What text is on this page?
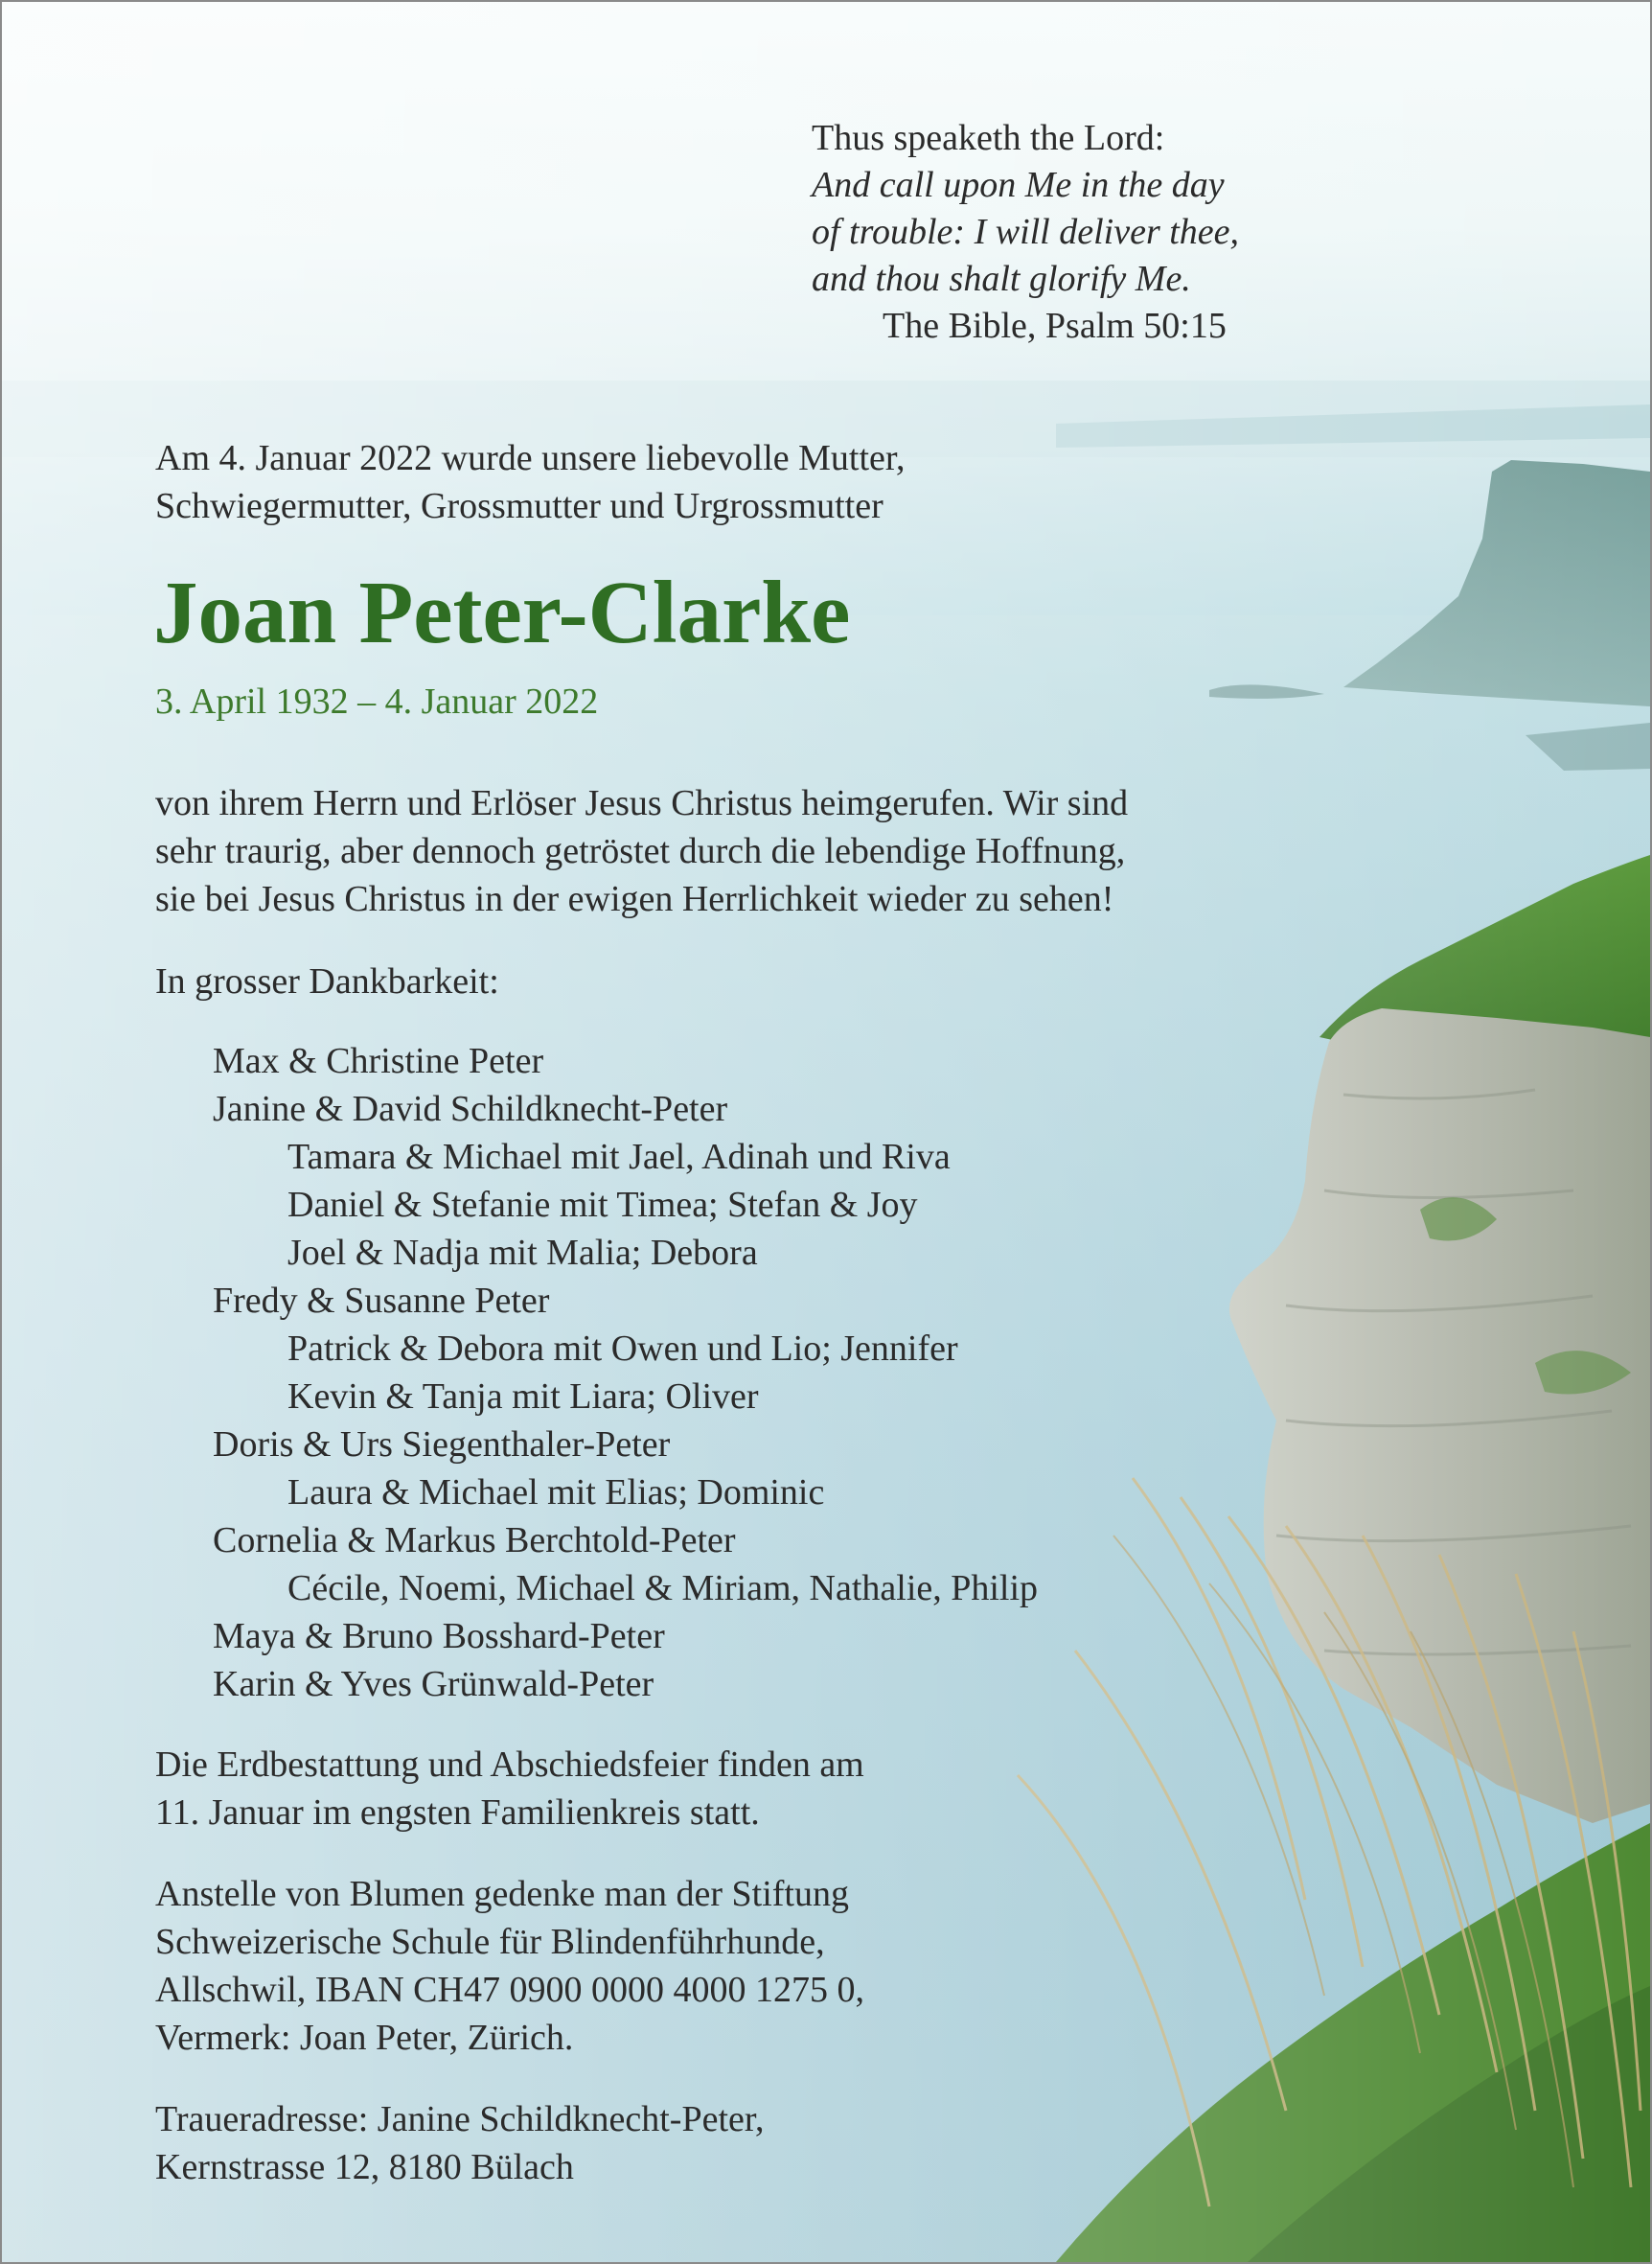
Thus speaketh the Lord:
And call upon Me in the day
of trouble: I will deliver thee,
and thou shalt glorify Me.
The Bible, Psalm 50:15
Am 4. Januar 2022 wurde unsere liebevolle Mutter,
Schwiegermutter, Grossmutter und Urgrossmutter
Joan Peter-Clarke
3. April 1932 – 4. Januar 2022
von ihrem Herrn und Erlöser Jesus Christus heimgerufen. Wir sind
sehr traurig, aber dennoch getröstet durch die lebendige Hoffnung,
sie bei Jesus Christus in der ewigen Herrlichkeit wieder zu sehen!
In grosser Dankbarkeit:
Max & Christine Peter
Janine & David Schildknecht-Peter
Tamara & Michael mit Jael, Adinah und Riva
Daniel & Stefanie mit Timea; Stefan & Joy
Joel & Nadja mit Malia; Debora
Fredy & Susanne Peter
Patrick & Debora mit Owen und Lio; Jennifer
Kevin & Tanja mit Liara; Oliver
Doris & Urs Siegenthaler-Peter
Laura & Michael mit Elias; Dominic
Cornelia & Markus Berchtold-Peter
Cécile, Noemi, Michael & Miriam, Nathalie, Philip
Maya & Bruno Bosshard-Peter
Karin & Yves Grünwald-Peter
Die Erdbestattung und Abschiedsfeier finden am
11. Januar im engsten Familienkreis statt.
Anstelle von Blumen gedenke man der Stiftung
Schweizerische Schule für Blindenführhunde,
Allschwil, IBAN CH47 0900 0000 4000 1275 0,
Vermerk: Joan Peter, Zürich.
Traueradresse: Janine Schildknecht-Peter,
Kernstrasse 12, 8180 Bülach
